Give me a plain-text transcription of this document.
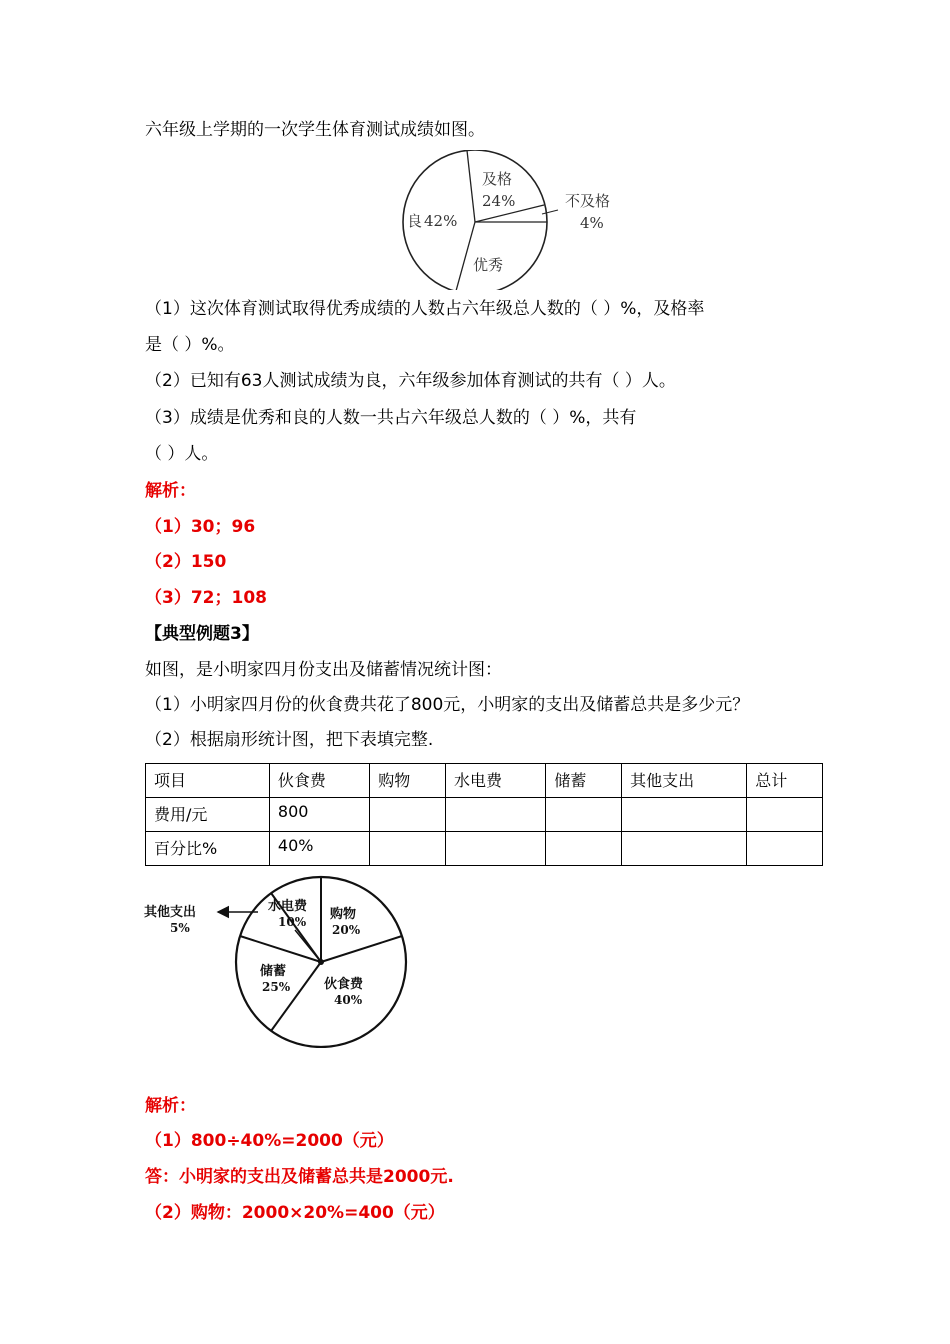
六年级上学期的一次学生体育测试成绩如图。
及格
24%	不及格
4%
优秀
良 42%
（1）这次体育测试取得优秀成绩的人数占六年级总人数的（ ）%，及格率
是（ ）%。
（2）已知有63人测试成绩为良，六年级参加体育测试的共有（ ）人。
（3）成绩是优秀和良的人数一共占六年级总人数的（ ）%，共有
（ ）人。
解析：
（1）30；96
（2）150
（3）72；108
【典型例题3】
如图，是小明家四月份支出及储蓄情况统计图：
（1）小明家四月份的伙食费共花了800元，小明家的支出及储蓄总共是多少元？
（2）根据扇形统计图，把下表填完整.
项目	伙食费	购物	水电费	储蓄	其他支出	总计
费用/元	800					
百分比%	40%					
水电费
10% 购物
20%
伙食费
40%
储蓄
25%
其他支出
5%
解析：
（1）800÷40%=2000（元）
答：小明家的支出及储蓄总共是2000元.
（2）购物：2000×20%=400（元）
